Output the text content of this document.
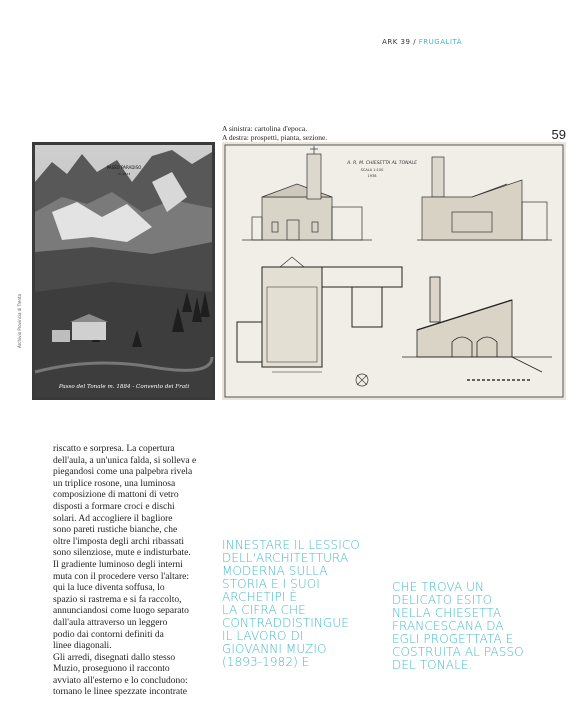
ARK 39 / FRUGALITÀ
59
A sinistra: cartolina d'epoca.
A destra: prospetti, pianta, sezione.
PASSO PARADISO
m. 2573
Passo del Tonale m. 1884 - Convento dei Frati
Archivio Provincia di Trento
A. R. M. CHIESETTA AL TONALE
SCALA 1:100
1938
riscatto e sorpresa. La copertura
dell'aula, a un'unica falda, si solleva e
piegandosi come una palpebra rivela
un triplice rosone, una luminosa
composizione di mattoni di vetro
disposti a formare croci e dischi
solari. Ad accogliere il bagliore
sono pareti rustiche bianche, che
oltre l'imposta degli archi ribassati
sono silenziose, mute e indisturbate.
Il gradiente luminoso degli interni
muta con il procedere verso l'altare:
qui la luce diventa soffusa, lo
spazio si rastrema e si fa raccolto,
annunciandosi come luogo separato
dall'aula attraverso un leggero
podio dai contorni definiti da
linee diagonali.
Gli arredi, disegnati dallo stesso
Muzio, proseguono il racconto
avviato all'esterno e lo concludono:
tornano le linee spezzate incontrate
INNESTARE IL LESSICO
DELL'ARCHITETTURA
MODERNA SULLA
STORIA E I SUOI
ARCHETIPI È
LA CIFRA CHE
CONTRADDISTINGUE
IL LAVORO DI
GIOVANNI MUZIO
(1893-1982) E
CHE TROVA UN
DELICATO ESITO
NELLA CHIESETTA
FRANCESCANA DA
EGLI PROGETTATA E
COSTRUITA AL PASSO
DEL TONALE.
